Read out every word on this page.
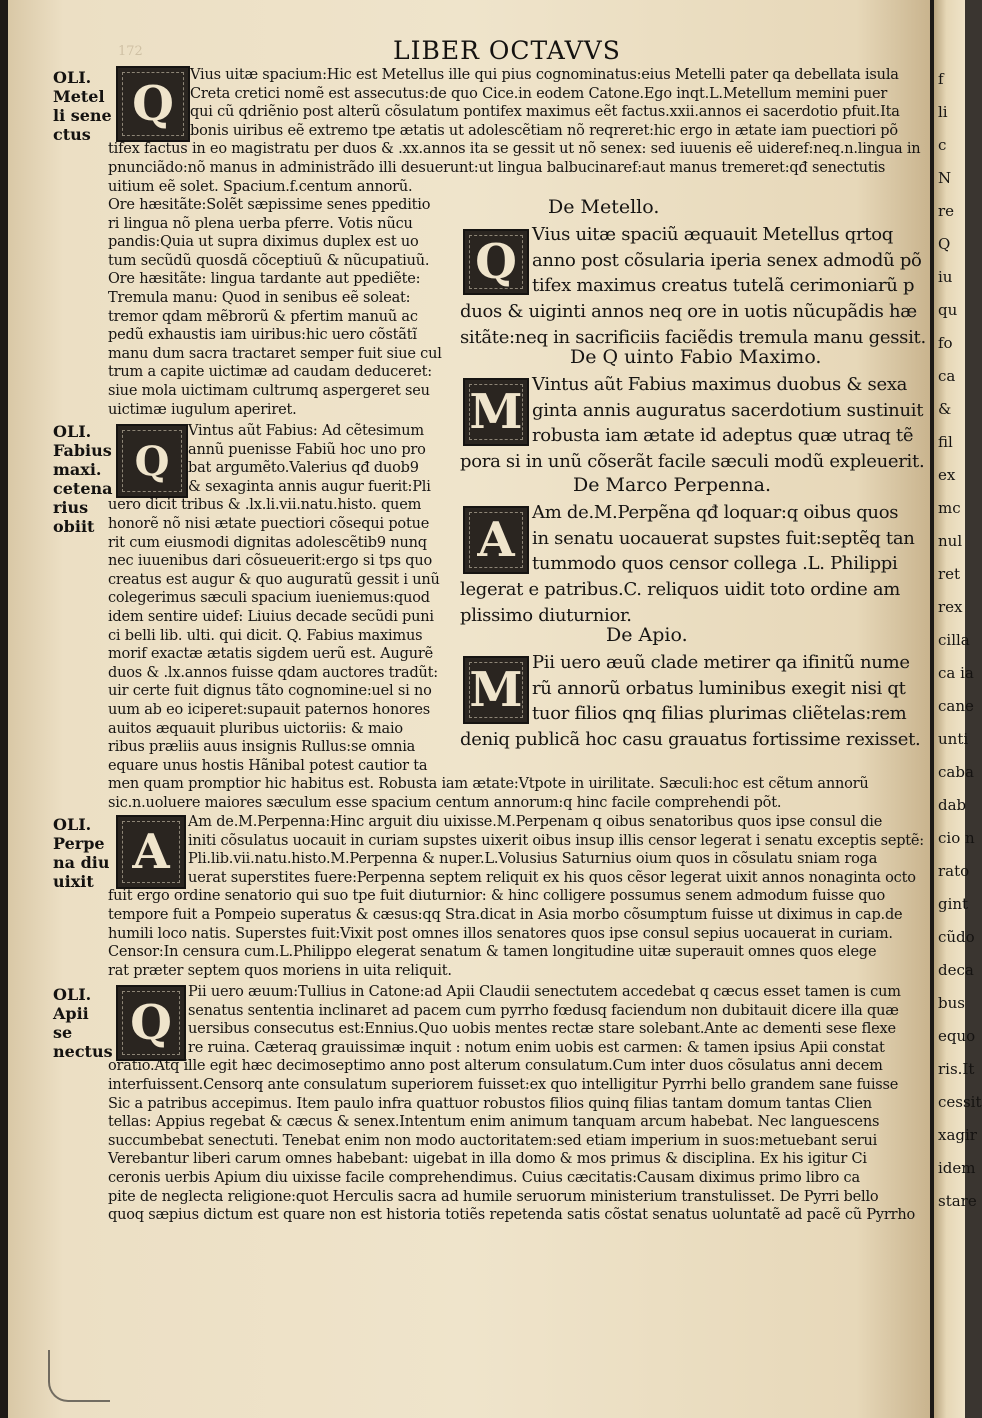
172	LIBER OCTAVVS
OLI. Metel li sene ctus
OLI. Fabius maxi. cetena rius obiit
OLI. Perpe na diu uixit
OLI. Apii se nectus
Q
Vius uitæ spacium:Hic est Metellus ille qui pius cognominatus:eius Metelli pater qa debellata isula
Creta cretici nomẽ est assecutus:de quo Cice.in eodem Catone.Ego inqt.L.Metellum memini puer
qui cũ qdriẽnio post alterũ cõsulatum pontifex maximus eẽt factus.xxii.annos ei sacerdotio pfuit.Ita
bonis uiribus eẽ extremo tpe ætatis ut adolescẽtiam nõ reqreret:hic ergo in ætate iam puectiori põ
tifex factus in eo magistratu per duos & .xx.annos ita se gessit ut nõ senex: sed iuuenis eẽ uideref:neq.n.lingua in
pnunciãdo:nõ manus in administrãdo illi desuerunt:ut lingua balbucinaref:aut manus tremeret:qđ senectutis
uitium eẽ solet. Spacium.f.centum annorũ.
Ore hæsitãte:Solẽt sæpissime senes ppeditio
ri lingua nõ plena uerba pferre. Votis nũcu
pandis:Quia ut supra diximus duplex est uo
tum secũdũ quosdã cõceptiuũ & nũcupatiuũ.
Ore hæsitãte: lingua tardante aut ppediẽte:
Tremula manu: Quod in senibus eẽ soleat:
tremor qdam mẽbrorũ & pfertim manuũ ac
pedũ exhaustis iam uiribus:hic uero cõstãtĩ
manu dum sacra tractaret semper fuit siue cul
trum a capite uictimæ ad caudam deduceret:
siue mola uictimam cultrumq aspergeret seu
uictimæ iugulum aperiret.
Q
Vintus aũt Fabius: Ad cẽtesimum
annũ puenisse Fabiũ hoc uno pro
bat argumẽto.Valerius qđ duob9
& sexaginta annis augur fuerit:Pli
uero dicit tribus & .lx.li.vii.natu.histo. quem
honorẽ nõ nisi ætate puectiori cõsequi potue
rit cum eiusmodi dignitas adolescẽtib9 nunq
nec iuuenibus dari cõsueuerit:ergo si tps quo
creatus est augur & quo auguratũ gessit i unũ
colegerimus sæculi spacium iueniemus:quod
idem sentire uidef: Liuius decade secũdi puni
ci belli lib. ulti. qui dicit. Q. Fabius maximus
morif exactæ ætatis sigdem uerũ est. Augurẽ
duos & .lx.annos fuisse qdam auctores tradũt:
uir certe fuit dignus tãto cognomine:uel si no
uum ab eo iciperet:supauit paternos honores
auitos æquauit pluribus uictoriis: & maio
ribus præliis auus insignis Rullus:se omnia
equare unus hostis Hãnibal potest cautior ta
De Metello.
Q Vius uitæ spaciũ æquauit Metellus qrtoq
anno post cõsularia iperia senex admodũ põ
tifex maximus creatus tutelã cerimoniarũ p
duos & uiginti annos neq ore in uotis nũcupãdis hæ
sitãte:neq in sacrificiis faciẽdis tremula manu gessit.
De Q uinto Fabio Maximo.
M Vintus aũt Fabius maximus duobus & sexa
ginta annis auguratus sacerdotium sustinuit
robusta iam ætate id adeptus quæ utraq tẽ
pora si in unũ cõserãt facile sæculi modũ expleuerit.
De Marco Perpenna.
A Am de.M.Perpẽna qđ loquar:q oibus quos
in senatu uocauerat supstes fuit:septẽq tan
tummodo quos censor collega .L. Philippi
legerat e patribus.C. reliquos uidit toto ordine am
plissimo diuturnior.
De Apio.
M Pii uero æuũ clade metirer qa ifinitũ nume
rũ annorũ orbatus luminibus exegit nisi qt
tuor filios qnq filias plurimas cliẽtelas:rem
deniq publicã hoc casu grauatus fortissime rexisset.
men quam promptior hic habitus est. Robusta iam ætate:Vtpote in uirilitate. Sæculi:hoc est cẽtum annorũ
sic.n.uoluere maiores sæculum esse spacium centum annorum:q hinc facile comprehendi põt.
A
Am de.M.Perpenna:Hinc arguit diu uixisse.M.Perpenam q oibus senatoribus quos ipse consul die
initi cõsulatus uocauit in curiam supstes uixerit oibus insup illis censor legerat i senatu exceptis septẽ:
Pli.lib.vii.natu.histo.M.Perpenna & nuper.L.Volusius Saturnius oium quos in cõsulatu sniam roga
uerat superstites fuere:Perpenna septem reliquit ex his quos cẽsor legerat uixit annos nonaginta octo
fuit ergo ordine senatorio qui suo tpe fuit diuturnior: & hinc colligere possumus senem admodum fuisse quo
tempore fuit a Pompeio superatus & cæsus:qq Stra.dicat in Asia morbo cõsumptum fuisse ut diximus in cap.de
humili loco natis. Superstes fuit:Vixit post omnes illos senatores quos ipse consul sepius uocauerat in curiam.
Censor:In censura cum.L.Philippo elegerat senatum & tamen longitudine uitæ superauit omnes quos elege
rat præter septem quos moriens in uita reliquit.
Q
Pii uero æuum:Tullius in Catone:ad Apii Claudii senectutem accedebat q cæcus esset tamen is cum
senatus sententia inclinaret ad pacem cum pyrrho fœdusq faciendum non dubitauit dicere illa quæ
uersibus consecutus est:Ennius.Quo uobis mentes rectæ stare solebant.Ante ac dementi sese flexe
re ruina. Cæteraq grauissimæ inquit : notum enim uobis est carmen: & tamen ipsius Apii constat
oratio.Atq ille egit hæc decimoseptimo anno post alterum consulatum.Cum inter duos cõsulatus anni decem
interfuissent.Censorq ante consulatum superiorem fuisset:ex quo intelligitur Pyrrhi bello grandem sane fuisse
Sic a patribus accepimus. Item paulo infra quattuor robustos filios quinq filias tantam domum tantas Clien
tellas: Appius regebat & cæcus & senex.Intentum enim animum tanquam arcum habebat. Nec languescens
succumbebat senectuti. Tenebat enim non modo auctoritatem:sed etiam imperium in suos:metuebant serui
Verebantur liberi carum omnes habebant: uigebat in illa domo & mos primus & disciplina. Ex his igitur Ci
ceronis uerbis Apium diu uixisse facile comprehendimus. Cuius cæcitatis:Causam diximus primo libro ca
pite de neglecta religione:quot Herculis sacra ad humile seruorum ministerium transtulisset. De Pyrri bello
quoq sæpius dictum est quare non est historia totiẽs repetenda satis cõstat senatus uoluntatẽ ad pacẽ cũ Pyrrho
f
li
c
N
re
Q
iu
qu
fo
ca
&
fil
ex
mc
nul
ret
rex
cilla
ca ia
cane
unti
caba
dab
cio n
rato
gint
cũdo
deca
bus
equo
ris.It
cessit
xagir
idem
stare
